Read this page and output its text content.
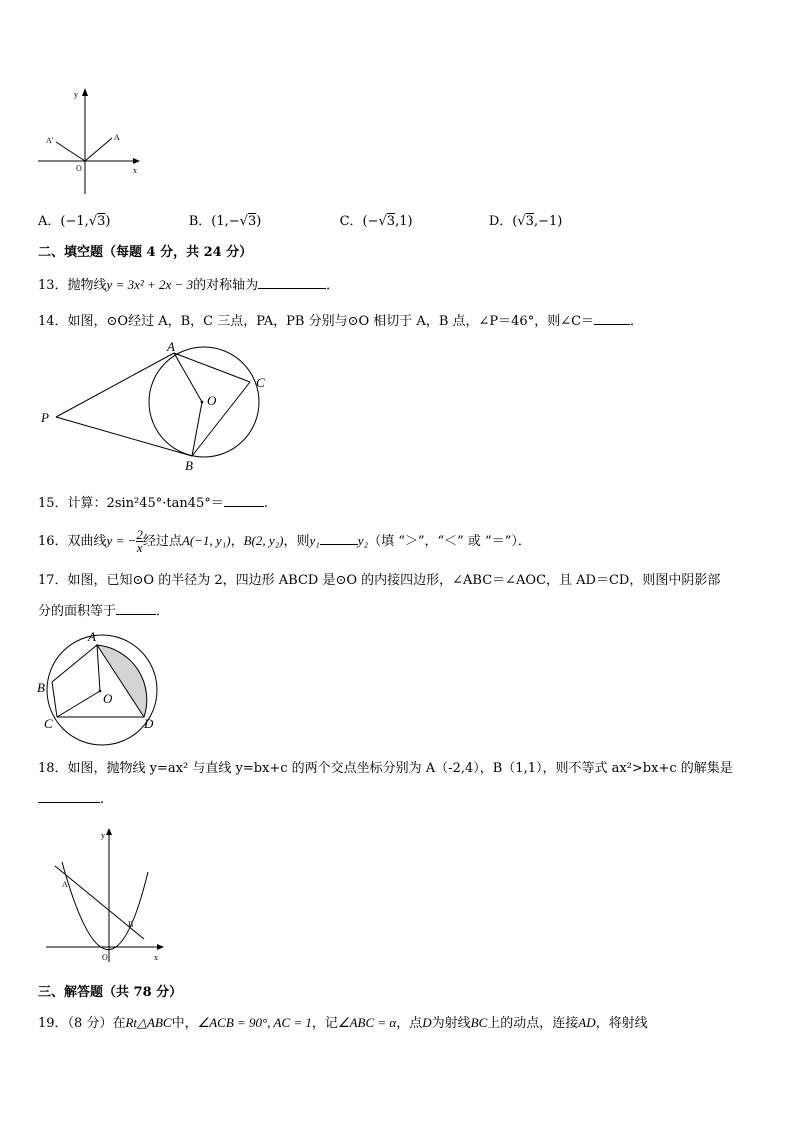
y
x
O
A
A'
A．(−1,√3)	B．(1,−√3)	C．(−√3,1)	D．(√3,−1)
二、填空题（每题 4 分，共 24 分）
13．抛物线y = 3x² + 2x − 3的对称轴为	．
14．如图，⊙O经过 A，B，C 三点，PA，PB 分别与⊙O 相切于 A，B 点，∠P＝46°，则∠C＝	．
A
B
C
O
P
15．计算：2sin²45°·tan45°＝	.
16．双曲线y = − $\frac{2}{x}$ 经过点A(−1, y₁)，B(2, y₂)，则y₁	y₂（填 “＞”，“＜” 或 “＝”）．
17．如图，已知⊙O 的半径为 2，四边形 ABCD 是⊙O 的内接四边形，∠ABC＝∠AOC，且 AD＝CD，则图中阴影部
分的面积等于	．
A
B
C	D
O
18．如图，抛物线 y=ax² 与直线 y=bx+c 的两个交点坐标分别为 A（-2,4），B（1,1），则不等式 ax²>bx+c 的解集是
.
y
x
O
A
B
三、解答题（共 78 分）
19．（8 分）在Rt△ABC中，∠ACB = 90°, AC = 1，记∠ABC = α，点D为射线BC上的动点，连接AD，将射线
